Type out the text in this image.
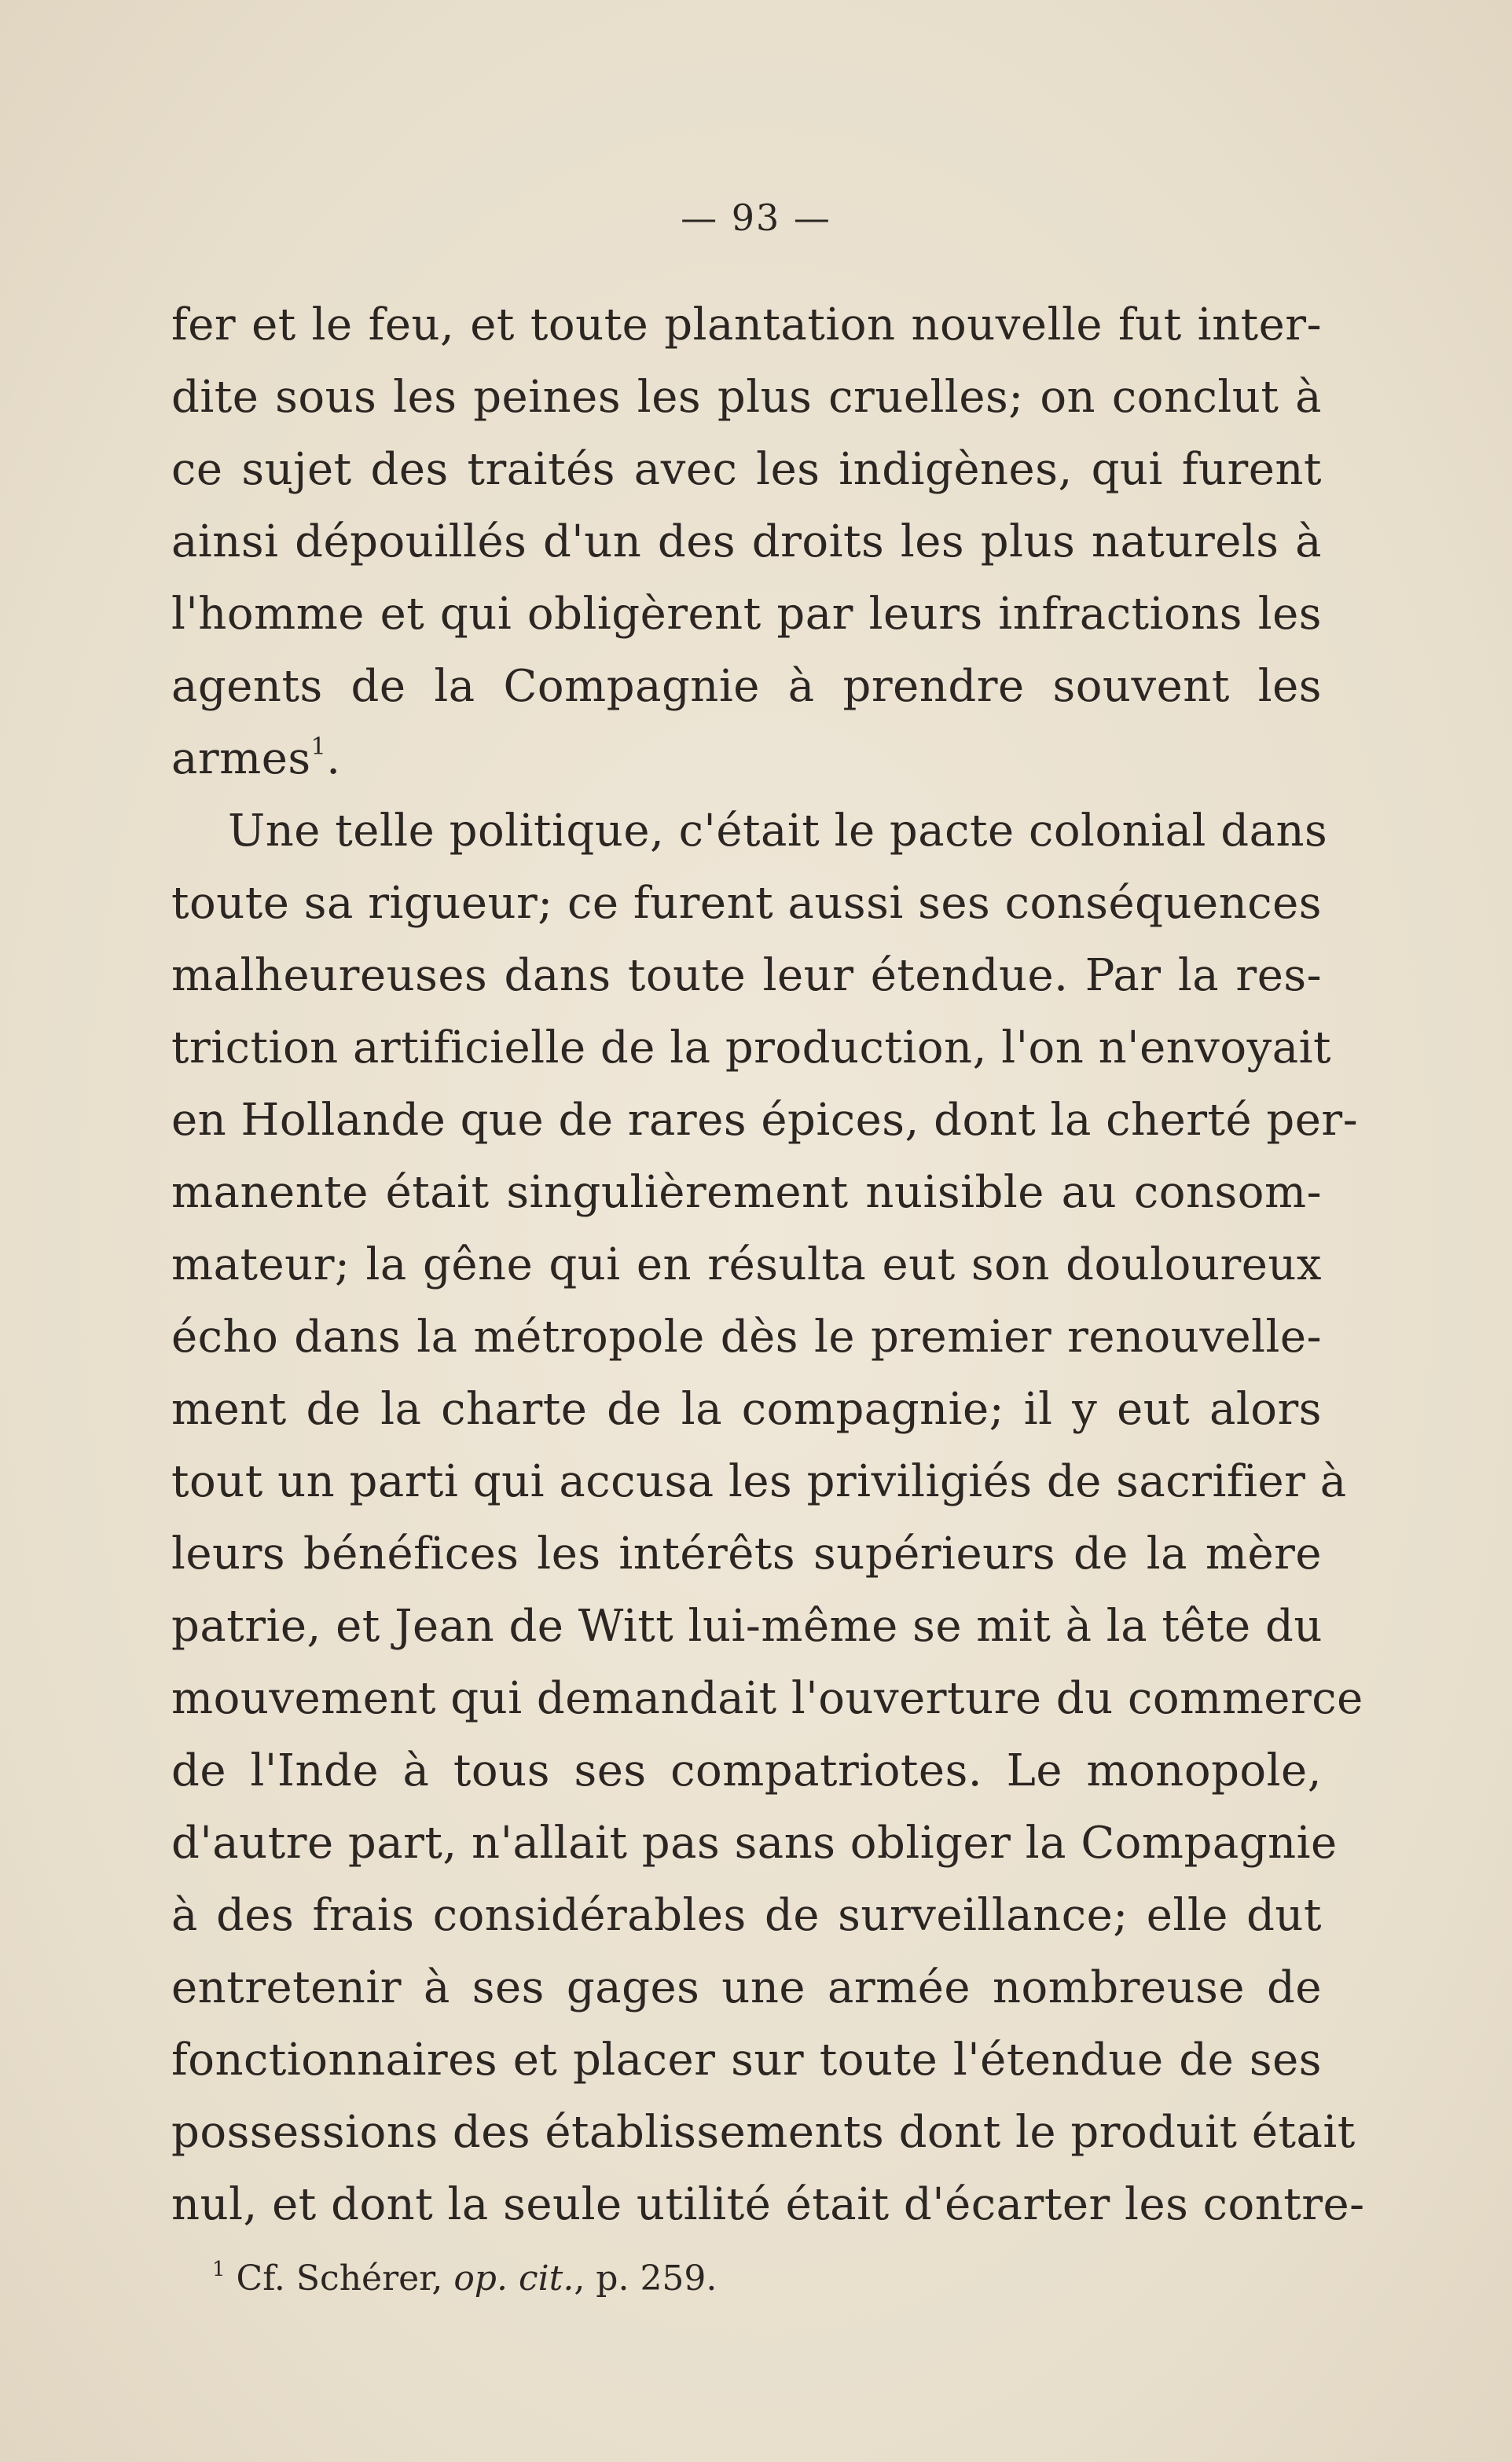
— 93 —
fer et le feu, et toute plantation nouvelle fut inter-
dite sous les peines les plus cruelles; on conclut à
ce sujet des traités avec les indigènes, qui furent
ainsi dépouillés d'un des droits les plus naturels à
l'homme et qui obligèrent par leurs infractions les
agents de la Compagnie à prendre souvent les
armes$^1$.
Une telle politique, c'était le pacte colonial dans
toute sa rigueur; ce furent aussi ses conséquences
malheureuses dans toute leur étendue. Par la res-
triction artificielle de la production, l'on n'envoyait
en Hollande que de rares épices, dont la cherté per-
manente était singulièrement nuisible au consom-
mateur; la gêne qui en résulta eut son douloureux
écho dans la métropole dès le premier renouvelle-
ment de la charte de la compagnie; il y eut alors
tout un parti qui accusa les priviligiés de sacrifier à
leurs bénéfices les intérêts supérieurs de la mère
patrie, et Jean de Witt lui-même se mit à la tête du
mouvement qui demandait l'ouverture du commerce
de l'Inde à tous ses compatriotes. Le monopole,
d'autre part, n'allait pas sans obliger la Compagnie
à des frais considérables de surveillance; elle dut
entretenir à ses gages une armée nombreuse de
fonctionnaires et placer sur toute l'étendue de ses
possessions des établissements dont le produit était
nul, et dont la seule utilité était d'écarter les contre-
$^1$ Cf. Schérer, op. cit., p. 259.
